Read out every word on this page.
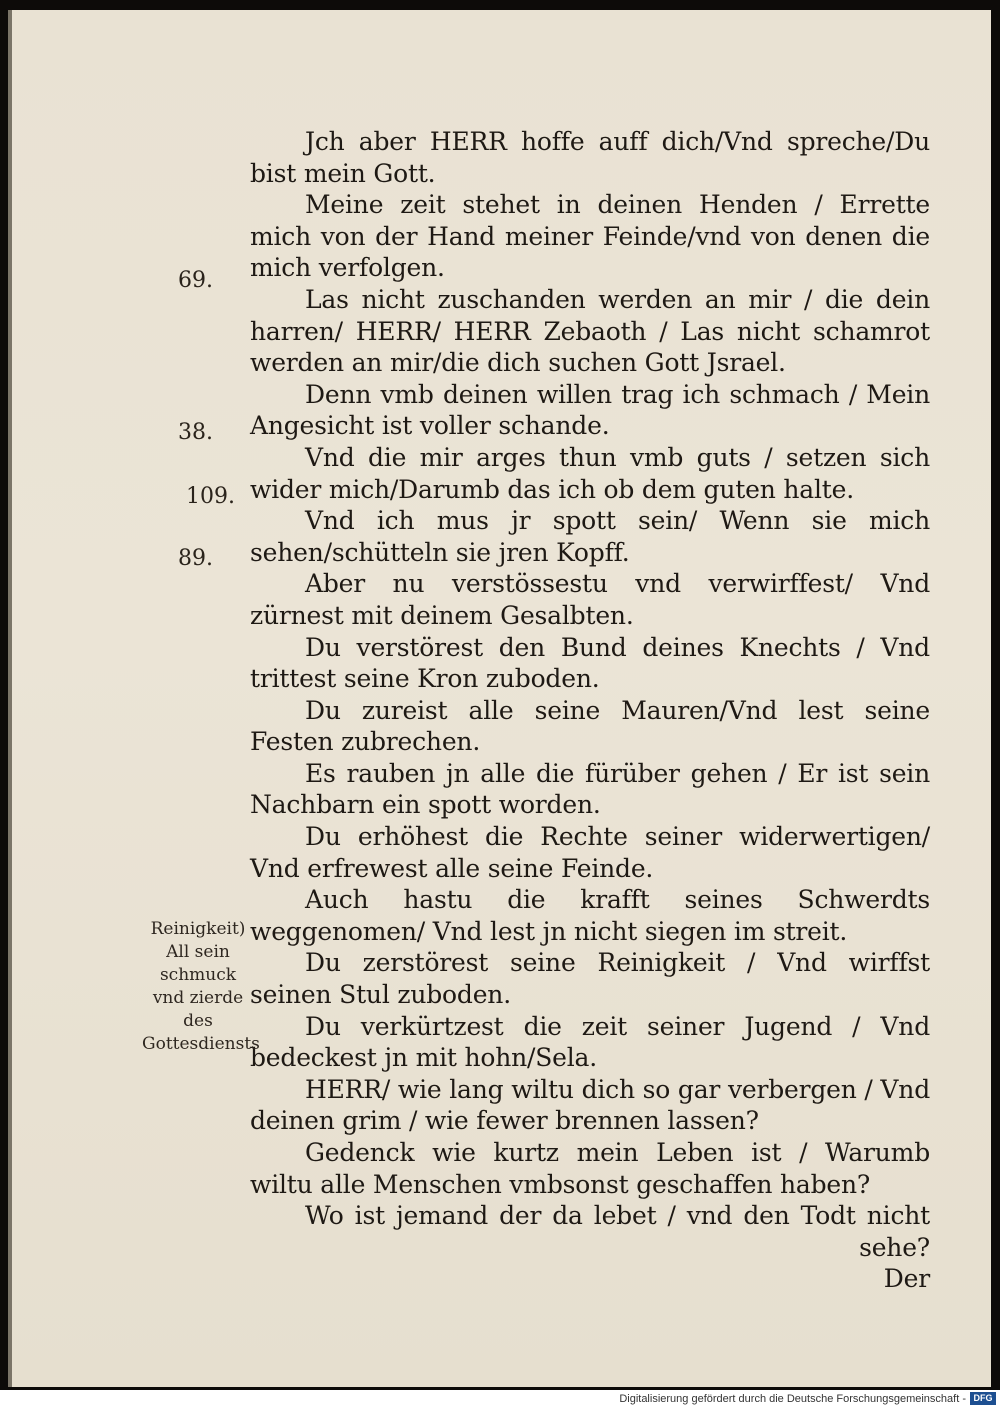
Jch aber HERR hoffe auff dich/Vnd spreche/Du bist mein Gott.

Meine zeit stehet in deinen Henden / Errette mich von der Hand meiner Feinde/vnd von denen die mich verfolgen.

Las nicht zuschanden werden an mir / die dein harren/ HERR/ HERR Zebaoth / Las nicht schamrot werden an mir/die dich suchen Gott Jsrael.

Denn vmb deinen willen trag ich schmach / Mein Angesicht ist voller schande.

Vnd die mir arges thun vmb guts / setzen sich wider mich/Darumb das ich ob dem guten halte.

Vnd ich mus jr spott sein/ Wenn sie mich sehen/schütteln sie jren Kopff.

Aber nu verstössestu vnd verwirffest/ Vnd zürnest mit deinem Gesalbten.

Du verstörest den Bund deines Knechts / Vnd trittest seine Kron zuboden.

Du zureist alle seine Mauren/Vnd lest seine Festen zubrechen.

Es rauben jn alle die fürüber gehen / Er ist sein Nachbarn ein spott worden.

Du erhöhest die Rechte seiner widerwertigen/ Vnd erfrewest alle seine Feinde.

Auch hastu die krafft seines Schwerdts weggenomen/ Vnd lest jn nicht siegen im streit.

Du zerstörest seine Reinigkeit / Vnd wirffst seinen Stul zuboden.

Du verkürtzest die zeit seiner Jugend / Vnd bedeckest jn mit hohn/Sela.

HERR/ wie lang wiltu dich so gar verbergen / Vnd deinen grim / wie fewer brennen lassen?

Gedenck wie kurtz mein Leben ist / Warumb wiltu alle Menschen vmbsonst geschaffen haben?

Wo ist jemand der da lebet / vnd den Todt nicht sehe?

Der
69.
38.
109.
89.
Reinigkeit)
All sein
schmuck
vnd zierde
des Gottesdiensts
Digitalisierung gefördert durch die Deutsche Forschungsgemeinschaft - DFG
